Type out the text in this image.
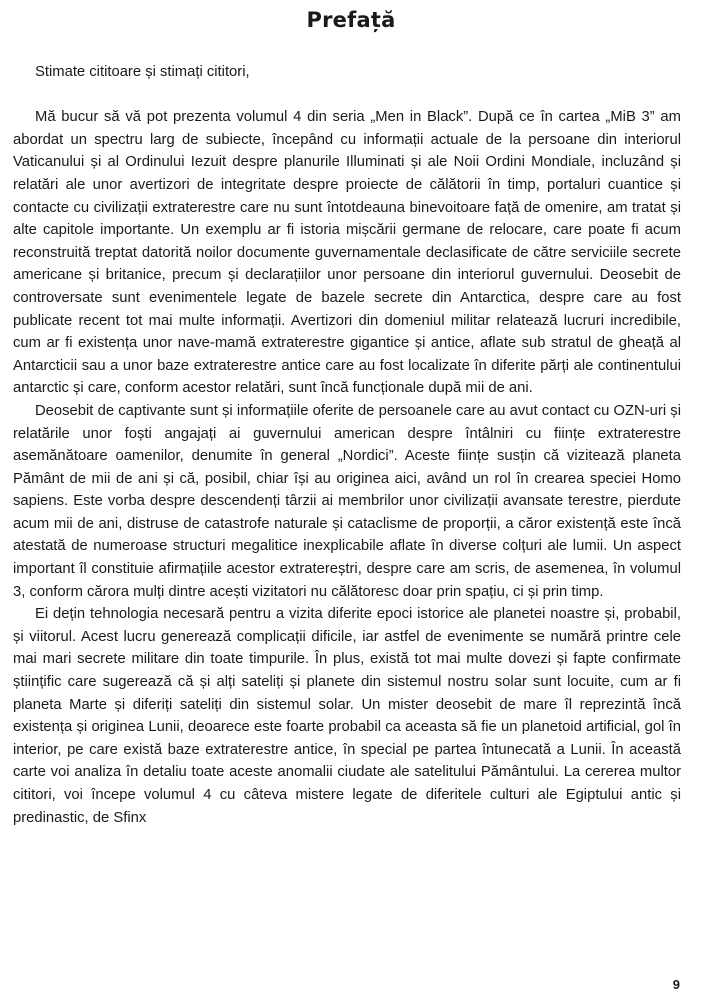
Prefață

Stimate cititoare și stimați cititori,

Mă bucur să vă pot prezenta volumul 4 din seria „Men in Black”. După ce în cartea „MiB 3” am abordat un spectru larg de subiecte, începând cu informații actuale de la persoane din interiorul Vaticanului și al Ordinului Iezuit despre planurile Illuminati și ale Noii Ordini Mondiale, incluzând și relatări ale unor avertizori de integritate despre proiecte de călătorii în timp, portaluri cuantice și contacte cu civilizații extraterestre care nu sunt întotdeauna binevoitoare față de omenire, am tratat și alte capitole importante. Un exemplu ar fi istoria mișcării germane de relocare, care poate fi acum reconstruită treptat datorită noilor documente guvernamentale declasificate de către serviciile secrete americane și britanice, precum și declarațiilor unor persoane din interiorul guvernului. Deosebit de controversate sunt evenimentele legate de bazele secrete din Antarctica, despre care au fost publicate recent tot mai multe informații. Avertizori din domeniul militar relatează lucruri incredibile, cum ar fi existența unor nave-mamă extraterestre gigantice și antice, aflate sub stratul de gheață al Antarcticii sau a unor baze extraterestre antice care au fost localizate în diferite părți ale continentului antarctic și care, conform acestor relatări, sunt încă funcționale după mii de ani.

Deosebit de captivante sunt și informațiile oferite de persoanele care au avut contact cu OZN-uri și relatările unor foști angajați ai guvernului american despre întâlniri cu ființe extraterestre asemănătoare oamenilor, denumite în general „Nordici”. Aceste ființe susțin că vizitează planeta Pământ de mii de ani și că, posibil, chiar își au originea aici, având un rol în crearea speciei Homo sapiens. Este vorba despre descendenți târzii ai membrilor unor civilizații avansate terestre, pierdute acum mii de ani, distruse de catastrofe naturale și cataclisme de proporții, a căror existență este încă atestată de numeroase structuri megalitice inexplicabile aflate în diverse colțuri ale lumii. Un aspect important îl constituie afirmațiile acestor extratereștri, despre care am scris, de asemenea, în volumul 3, conform cărora mulți dintre acești vizitatori nu călătoresc doar prin spațiu, ci și prin timp.

Ei dețin tehnologia necesară pentru a vizita diferite epoci istorice ale planetei noastre și, probabil, și viitorul. Acest lucru generează complicații dificile, iar astfel de evenimente se numără printre cele mai mari secrete militare din toate timpurile. În plus, există tot mai multe dovezi și fapte confirmate științific care sugerează că și alți sateliți și planete din sistemul nostru solar sunt locuite, cum ar fi planeta Marte și diferiți sateliți din sistemul solar. Un mister deosebit de mare îl reprezintă încă existența și originea Lunii, deoarece este foarte probabil ca aceasta să fie un planetoid artificial, gol în interior, pe care există baze extraterestre antice, în special pe partea întunecată a Lunii. În această carte voi analiza în detaliu toate aceste anomalii ciudate ale satelitului Pământului. La cererea multor cititori, voi începe volumul 4 cu câteva mistere legate de diferitele culturi ale Egiptului antic și predinastic, de Sfinx

9
